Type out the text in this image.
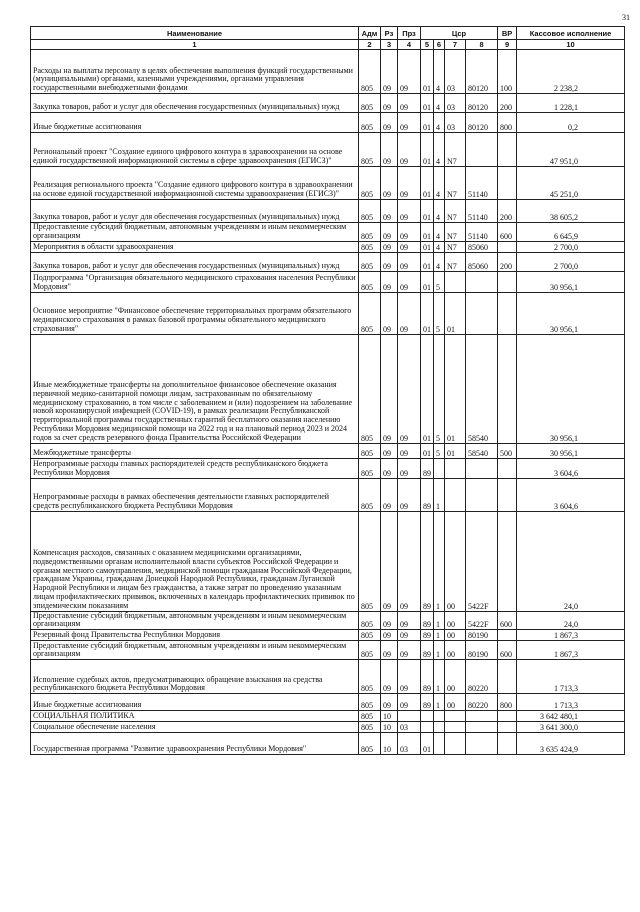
31
Наименование	Адм	Рз	Прз	Цср				ВР	Кассовое исполнение
1	2	3	4	5	6	7	8	9	10
Расходы на выплаты персоналу в целях обеспечения выполнения функций государственными (муниципальными) органами, казенными учреждениями, органами управления государственными внебюджетными фондами	805	09	09	01	4	03	80120	100	2 238,2
Закупка товаров, работ и услуг для обеспечения государственных (муниципальных) нужд	805	09	09	01	4	03	80120	200	1 228,1
Иные бюджетные ассигнования	805	09	09	01	4	03	80120	800	0,2
Региональный проект "Создание единого цифрового контура в здравоохранении на основе единой государственной информационной системы в сфере здравоохранения (ЕГИСЗ)"	805	09	09	01	4	N7			47 951,0
Реализация регионального проекта "Создание единого цифрового контура в здравоохранении на основе единой государственной информационной системы здравоохранения (ЕГИСЗ)"	805	09	09	01	4	N7	51140		45 251,0
Закупка товаров, работ и услуг для обеспечения государственных (муниципальных) нужд	805	09	09	01	4	N7	51140	200	38 605,2
Предоставление субсидий бюджетным, автономным учреждениям и иным некоммерческим организациям	805	09	09	01	4	N7	51140	600	6 645,9
Мероприятия в области здравоохранения	805	09	09	01	4	N7	85060		2 700,0
Закупка товаров, работ и услуг для обеспечения государственных (муниципальных) нужд	805	09	09	01	4	N7	85060	200	2 700,0
Подпрограмма "Организация обязательного медицинского страхования населения Республики Мордовия"	805	09	09	01	5				30 956,1
Основное мероприятие "Финансовое обеспечение территориальных программ обязательного медицинского страхования в рамках базовой программы обязательного медицинского страхования"	805	09	09	01	5	01			30 956,1
Иные межбюджетные трансферты на дополнительное финансовое обеспечение оказания первичной медико-санитарной помощи лицам, застрахованным по обязательному медицинскому страхованию, в том числе с заболеванием и (или) подозрением на заболевание новой коронавирусной инфекцией (COVID-19), в рамках реализации Республиканской территориальной программы государственных гарантий бесплатного оказания населению Республики Мордовия медицинской помощи на 2022 год и на плановый период 2023 и 2024 годов за счет средств резервного фонда Правительства Российской Федерации	805	09	09	01	5	01	58540		30 956,1
Межбюджетные трансферты	805	09	09	01	5	01	58540	500	30 956,1
Непрограммные расходы главных распорядителей средств республиканского бюджета Республики Мордовия	805	09	09	89					3 604,6
Непрограммные расходы в рамках обеспечения деятельности главных распорядителей средств республиканского бюджета Республики Мордовия	805	09	09	89	1				3 604,6
Компенсация расходов, связанных с оказанием медицинскими организациями, подведомственными органам исполнительной власти субъектов Российской Федерации и органам местного самоуправления, медицинской помощи гражданам Российской Федерации, гражданам Украины, гражданам Донецкой Народной Республики, гражданам Луганской Народной Республики и лицам без гражданства, а также затрат по проведению указанным лицам профилактических прививок, включенных в календарь профилактических прививок по эпидемическим показаниям	805	09	09	89	1	00	5422F		24,0
Предоставление субсидий бюджетным, автономным учреждениям и иным некоммерческим организациям	805	09	09	89	1	00	5422F	600	24,0
Резервный фонд Правительства Республики Мордовия	805	09	09	89	1	00	80190		1 867,3
Предоставление субсидий бюджетным, автономным учреждениям и иным некоммерческим организациям	805	09	09	89	1	00	80190	600	1 867,3
Исполнение судебных актов, предусматривающих обращение взыскания на средства республиканского бюджета Республики Мордовия	805	09	09	89	1	00	80220		1 713,3
Иные бюджетные ассигнования	805	09	09	89	1	00	80220	800	1 713,3
СОЦИАЛЬНАЯ ПОЛИТИКА	805	10							3 642 480,1
Социальное обеспечение населения	805	10	03						3 641 300,0
Государственная программа "Развитие здравоохранения Республики Мордовия"	805	10	03	01					3 635 424,9
